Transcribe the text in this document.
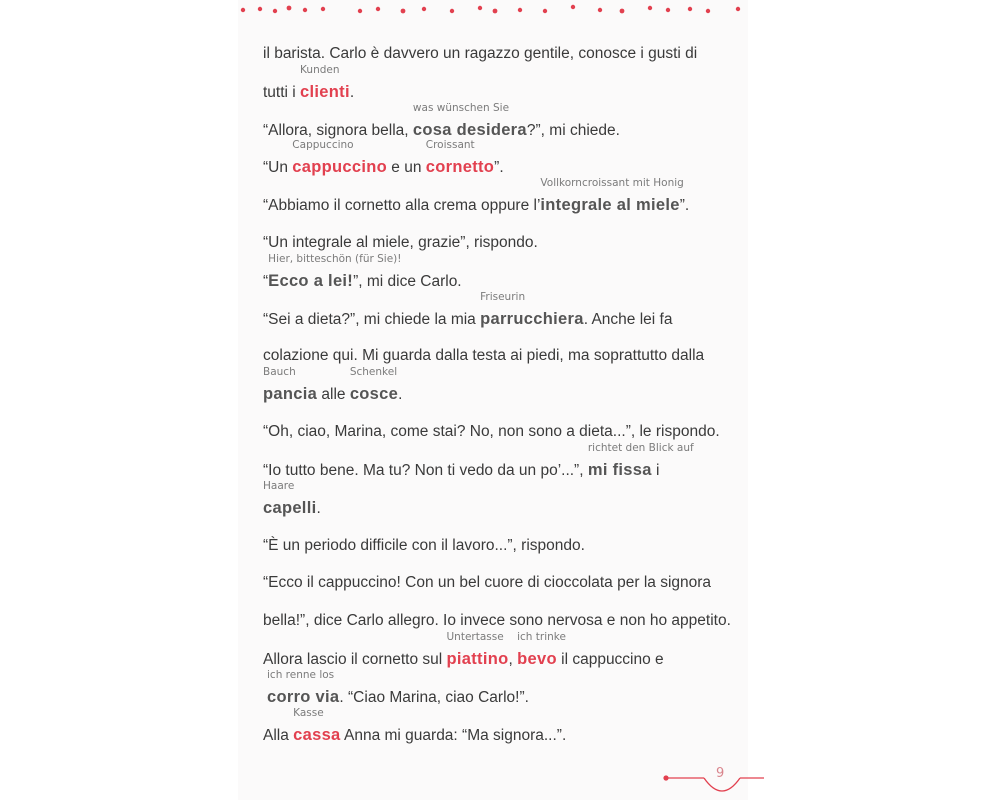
il barista. Carlo è davvero un ragazzo gentile, conosce i gusti di
tutti i
Kunden
clienti.
“Allora, signora bella,
was wünschen Sie
cosa desidera?”, mi chiede.
“Un
Cappuccino
cappuccino e un
Croissant
cornetto”.
“Abbiamo il cornetto alla crema oppure l’
Vollkorncroissant mit Honig
integrale al miele”.
“Un integrale al miele, grazie”, rispondo.
“
Hier, bitteschön (für Sie)!
Ecco a lei!”, mi dice Carlo.
“Sei a dieta?”, mi chiede la mia
Friseurin
parrucchiera. Anche lei fa
colazione qui. Mi guarda dalla testa ai piedi, ma soprattutto dalla
Bauch
pancia alle
Schenkel
cosce.
“Oh, ciao, Marina, come stai? No, non sono a dieta...”, le rispondo.
“Io tutto bene. Ma tu? Non ti vedo da un po’...”,
richtet den Blick auf
mi fissa i
Haare
capelli.
“È un periodo difficile con il lavoro...”, rispondo.
“Ecco il cappuccino! Con un bel cuore di cioccolata per la signora
bella!”, dice Carlo allegro. Io invece sono nervosa e non ho appetito.
Allora lascio il cornetto sul
Untertasse
piattino,
ich trinke
bevo il cappuccino e
ich renne los
corro via. “Ciao Marina, ciao Carlo!”.
Alla
Kasse
cassa Anna mi guarda: “Ma signora...”.
9
